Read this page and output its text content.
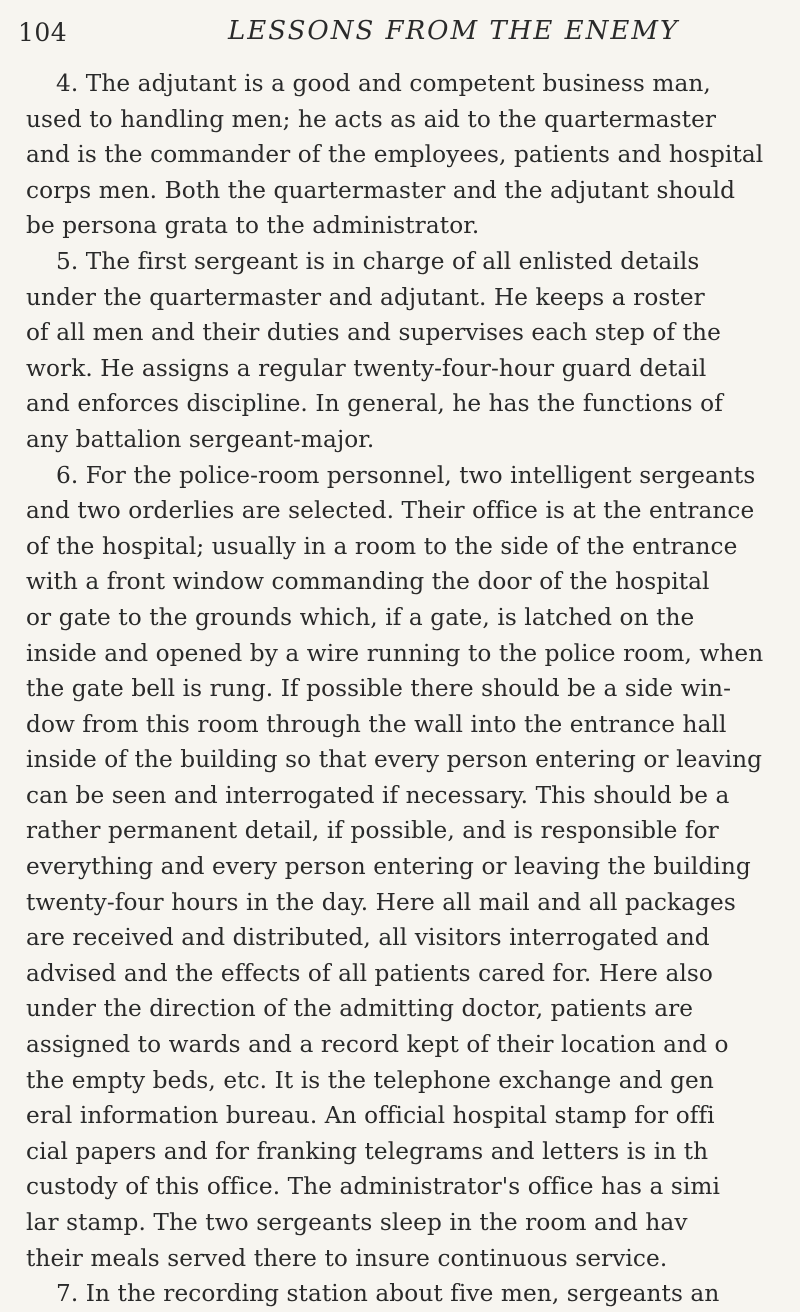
104	LESSONS FROM THE ENEMY
4. The adjutant is a good and competent business man,
used to handling men; he acts as aid to the quartermaster
and is the commander of the employees, patients and hospital
corps men. Both the quartermaster and the adjutant should
be persona grata to the administrator.
5. The first sergeant is in charge of all enlisted details
under the quartermaster and adjutant. He keeps a roster
of all men and their duties and supervises each step of the
work. He assigns a regular twenty-four-hour guard detail
and enforces discipline. In general, he has the functions of
any battalion sergeant-major.
6. For the police-room personnel, two intelligent sergeants
and two orderlies are selected. Their office is at the entrance
of the hospital; usually in a room to the side of the entrance
with a front window commanding the door of the hospital
or gate to the grounds which, if a gate, is latched on the
inside and opened by a wire running to the police room, when
the gate bell is rung. If possible there should be a side win-
dow from this room through the wall into the entrance hall
inside of the building so that every person entering or leaving
can be seen and interrogated if necessary. This should be a
rather permanent detail, if possible, and is responsible for
everything and every person entering or leaving the building
twenty-four hours in the day. Here all mail and all packages
are received and distributed, all visitors interrogated and
advised and the effects of all patients cared for. Here also
under the direction of the admitting doctor, patients are
assigned to wards and a record kept of their location and o
the empty beds, etc. It is the telephone exchange and gen
eral information bureau. An official hospital stamp for offi
cial papers and for franking telegrams and letters is in th
custody of this office. The administrator's office has a simi
lar stamp. The two sergeants sleep in the room and hav
their meals served there to insure continuous service.
7. In the recording station about five men, sergeants an
